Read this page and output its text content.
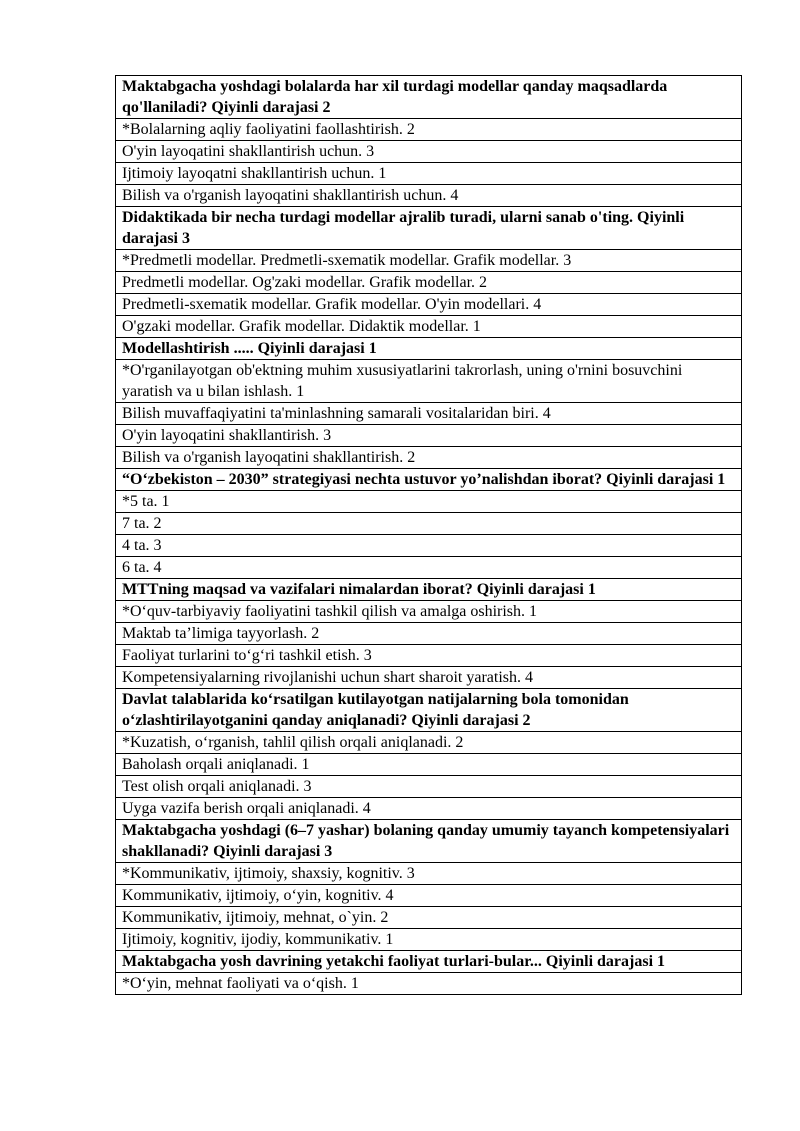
Maktabgacha yoshdagi bolalarda har xil turdagi modellar qanday maqsadlarda qo'llaniladi? Qiyinli darajasi 2
*Bolalarning aqliy faoliyatini faollashtirish. 2
O'yin layoqatini shakllantirish uchun. 3
Ijtimoiy layoqatni shakllantirish uchun. 1
Bilish va o'rganish layoqatini shakllantirish uchun. 4
Didaktikada bir necha turdagi modellar ajralib turadi, ularni sanab o'ting. Qiyinli darajasi 3
*Predmetli modellar. Predmetli-sxematik modellar. Grafik modellar. 3
Predmetli modellar. Og'zaki modellar. Grafik modellar. 2
Predmetli-sxematik modellar. Grafik modellar. O'yin modellari. 4
O'gzaki modellar. Grafik modellar. Didaktik modellar. 1
Modellashtirish ..... Qiyinli darajasi 1
*O'rganilayotgan ob'ektning muhim xususiyatlarini takrorlash, uning o'rnini bosuvchini yaratish va u bilan ishlash. 1
Bilish muvaffaqiyatini ta'minlashning samarali vositalaridan biri. 4
O'yin layoqatini shakllantirish. 3
Bilish va o'rganish layoqatini shakllantirish. 2
“O‘zbekiston – 2030” strategiyasi nechta ustuvor yo’nalishdan iborat? Qiyinli darajasi 1
*5 ta. 1
7 ta. 2
4 ta. 3
6 ta. 4
MTTning maqsad va vazifalari nimalardan iborat? Qiyinli darajasi 1
*O‘quv-tarbiyaviy faoliyatini tashkil qilish va amalga oshirish. 1
Maktab ta’limiga tayyorlash. 2
Faoliyat turlarini to‘g‘ri tashkil etish. 3
Kompetensiyalarning rivojlanishi uchun shart sharoit yaratish. 4
Davlat talablarida ko‘rsatilgan kutilayotgan natijalarning bola tomonidan o‘zlashtirilayotganini qanday aniqlanadi? Qiyinli darajasi 2
*Kuzatish, o‘rganish, tahlil qilish orqali aniqlanadi. 2
Baholash orqali aniqlanadi. 1
Test olish orqali aniqlanadi. 3
Uyga vazifa berish orqali aniqlanadi. 4
Maktabgacha yoshdagi (6–7 yashar) bolaning qanday umumiy tayanch kompetensiyalari shakllanadi? Qiyinli darajasi 3
*Kommunikativ, ijtimoiy, shaxsiy, kognitiv. 3
Kommunikativ, ijtimoiy, o‘yin, kognitiv. 4
Kommunikativ, ijtimoiy, mehnat, o`yin. 2
Ijtimoiy, kognitiv, ijodiy, kommunikativ. 1
Maktabgacha yosh davrining yetakchi faoliyat turlari-bular... Qiyinli darajasi 1
*O‘yin, mehnat faoliyati va o‘qish. 1
